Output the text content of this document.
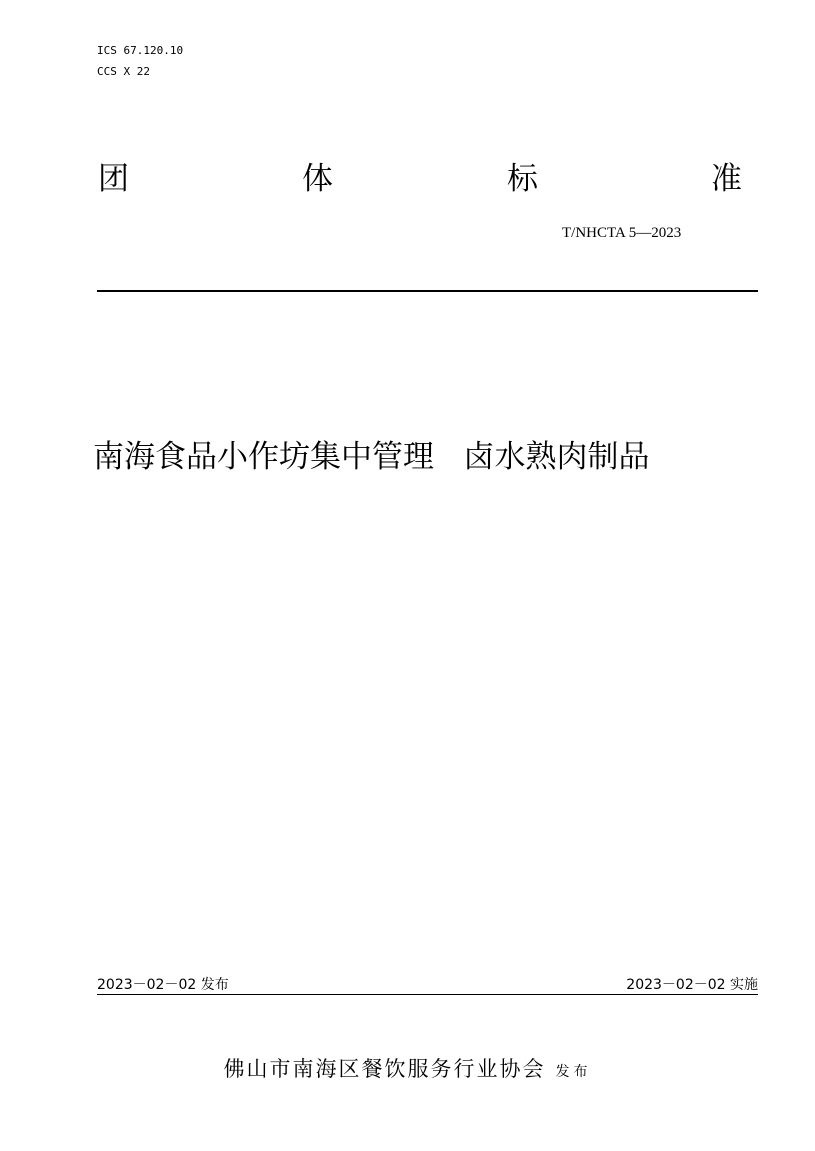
ICS 67.120.10
CCS X 22
团	体	标	准
T/NHCTA 5—2023
南海食品小作坊集中管理   卤水熟肉制品
2023－02－02 发布	2023－02－02 实施
佛山市南海区餐饮服务行业协会 发布
